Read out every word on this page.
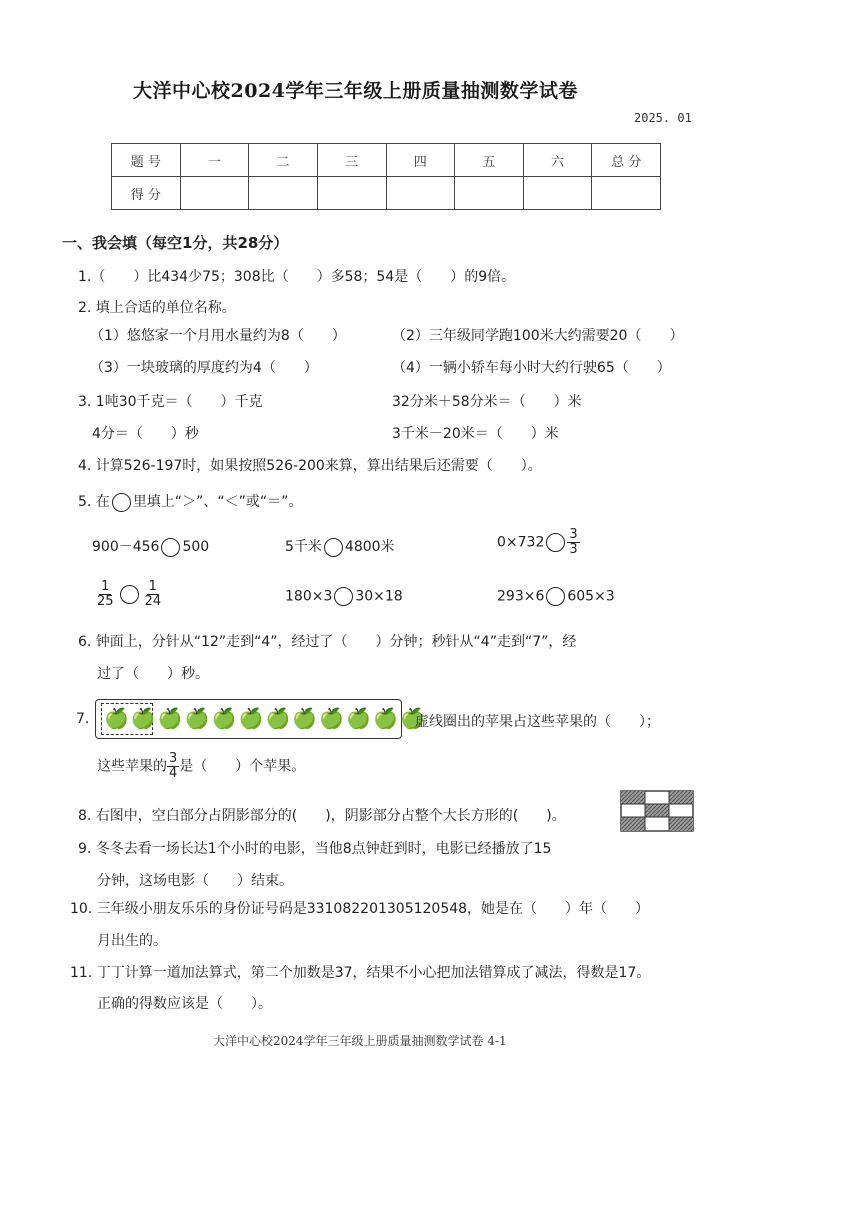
大洋中心校2024学年三年级上册质量抽测数学试卷
2025. 01
题 号	一	二	三	四	五	六	总 分
得 分							
一、我会填（每空1分，共28分）
1.（　　）比434少75；308比（　　）多58；54是（　　）的9倍。
2. 填上合适的单位名称。
（1）悠悠家一个月用水量约为8（　　）	（2）三年级同学跑100米大约需要20（　　）
（3）一块玻璃的厚度约为4（　　）	（4）一辆小轿车每小时大约行驶65（　　）
3. 1吨30千克＝（　　）千克	32分米＋58分米＝（　　）米
4分＝（　　）秒	3千米－20米＝（　　）米
4. 计算526-197时，如果按照526-200来算，算出结果后还需要（　　）。
5. 在 里填上“＞”、“＜”或“＝”。
900－456 500	5千米 4800米	$0\times 732 \frac{3}{3}$
$\frac{1}{25} \frac{1}{24}$	180×3 30×18	293×6 605×3
6. 钟面上，分针从“12”走到“4”，经过了（　　）分钟；秒针从“4”走到“7”，经
过了（　　）秒。
7. 🍏 🍏 🍏 🍏 🍏 🍏 🍏 🍏 🍏 🍏 🍏 🍏
虚线圈出的苹果占这些苹果的（　　）；
这些苹果的 $\frac{3}{4}$ 是（　　）个苹果。
8. 右图中，空白部分占阴影部分的(　　)，阴影部分占整个大长方形的(　　)。
9. 冬冬去看一场长达1个小时的电影，当他8点钟赶到时，电影已经播放了15
分钟，这场电影（　　）结束。
10. 三年级小朋友乐乐的身份证号码是331082201305120548，她是在（　　）年（　　）
月出生的。
11. 丁丁计算一道加法算式，第二个加数是37，结果不小心把加法错算成了减法，得数是17。
正确的得数应该是（　　）。
大洋中心校2024学年三年级上册质量抽测数学试卷 4-1
